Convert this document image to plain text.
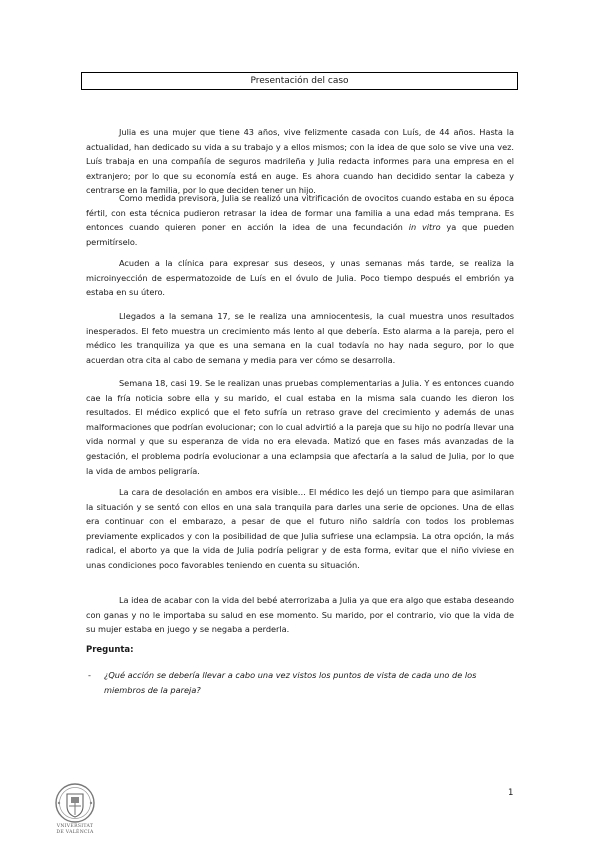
Presentación del caso

Julia es una mujer que tiene 43 años, vive felizmente casada con Luís, de 44 años. Hasta la actualidad, han dedicado su vida a su trabajo y a ellos mismos; con la idea de que solo se vive una vez. Luís trabaja en una compañía de seguros madrileña y Julia redacta informes para una empresa en el extranjero; por lo que su economía está en auge. Es ahora cuando han decidido sentar la cabeza y centrarse en la familia, por lo que deciden tener un hijo.

Como medida previsora, Julia se realizó una vitrificación de ovocitos cuando estaba en su época fértil, con esta técnica pudieron retrasar la idea de formar una familia a una edad más temprana. Es entonces cuando quieren poner en acción la idea de una fecundación in vitro ya que pueden permitírselo.

Acuden a la clínica para expresar sus deseos, y unas semanas más tarde, se realiza la microinyección de espermatozoide de Luís en el óvulo de Julia. Poco tiempo después el embrión ya estaba en su útero.

Llegados a la semana 17, se le realiza una amniocentesis, la cual muestra unos resultados inesperados. El feto muestra un crecimiento más lento al que debería. Esto alarma a la pareja, pero el médico les tranquiliza ya que es una semana en la cual todavía no hay nada seguro, por lo que acuerdan otra cita al cabo de semana y media para ver cómo se desarrolla.

Semana 18, casi 19. Se le realizan unas pruebas complementarias a Julia. Y es entonces cuando cae la fría noticia sobre ella y su marido, el cual estaba en la misma sala cuando les dieron los resultados. El médico explicó que el feto sufría un retraso grave del crecimiento y además de unas malformaciones que podrían evolucionar; con lo cual advirtió a la pareja que su hijo no podría llevar una vida normal y que su esperanza de vida no era elevada. Matizó que en fases más avanzadas de la gestación, el problema podría evolucionar a una eclampsia que afectaría a la salud de Julia, por lo que la vida de ambos peligraría.

La cara de desolación en ambos era visible… El médico les dejó un tiempo para que asimilaran la situación y se sentó con ellos en una sala tranquila para darles una serie de opciones. Una de ellas era continuar con el embarazo, a pesar de que el futuro niño saldría con todos los problemas previamente explicados y con la posibilidad de que Julia sufriese una eclampsia. La otra opción, la más radical, el aborto ya que la vida de Julia podría peligrar y de esta forma, evitar que el niño viviese en unas condiciones poco favorables teniendo en cuenta su situación.

La idea de acabar con la vida del bebé aterrorizaba a Julia ya que era algo que estaba deseando con ganas y no le importaba su salud en ese momento. Su marido, por el contrario, vio que la vida de su mujer estaba en juego y se negaba a perderla.

Pregunta:
- ¿Qué acción se debería llevar a cabo una vez vistos los puntos de vista de cada uno de los miembros de la pareja?
VNIVERSITAT
DE VALÈNCIA
1
